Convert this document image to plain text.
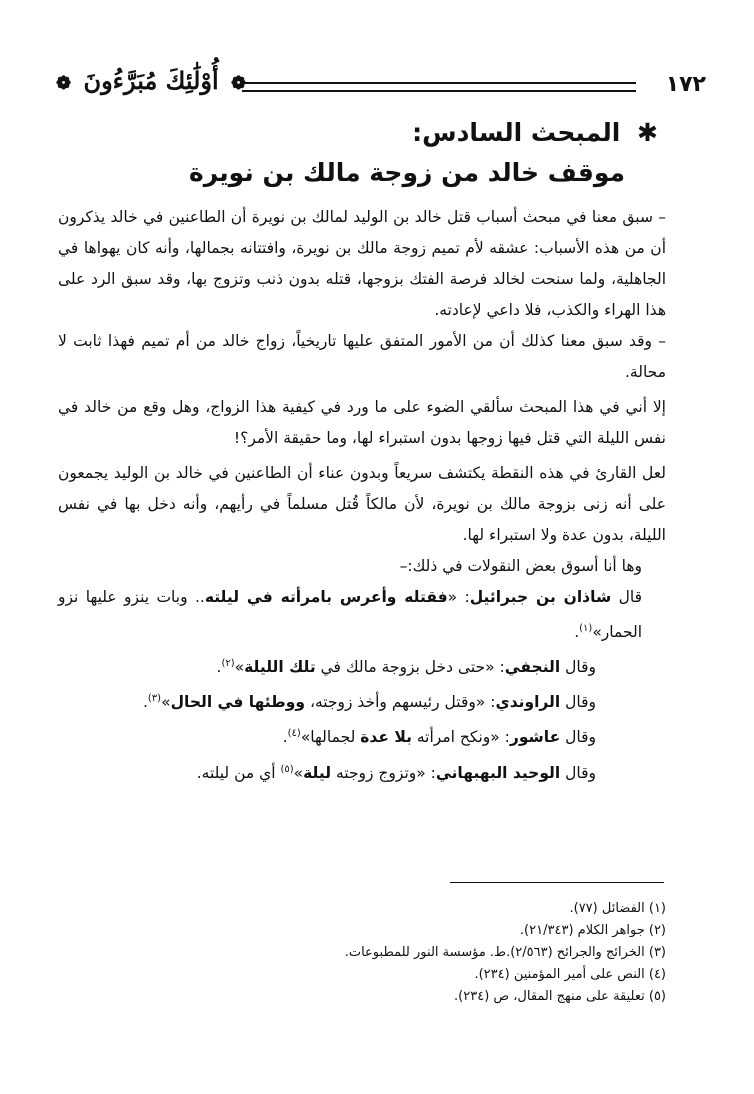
١٧٢
❁ أُوْلَٰئِكَ مُبَرَّءُونَ ❁
✱ المبحث السادس:
موقف خالد من زوجة مالك بن نويرة

– سبق معنا في مبحث أسباب قتل خالد بن الوليد لمالك بن نويرة أن الطاعنين في خالد يذكرون أن من هذه الأسباب: عشقه لأم تميم زوجة مالك بن نويرة، وافتتانه بجمالها، وأنه كان يهواها في الجاهلية، ولما سنحت لخالد فرصة الفتك بزوجها، قتله بدون ذنب وتزوج بها، وقد سبق الرد على هذا الهراء والكذب، فلا داعي لإعادته.

– وقد سبق معنا كذلك أن من الأمور المتفق عليها تاريخياً، زواج خالد من أم تميم فهذا ثابت لا محالة.

إلا أني في هذا المبحث سألقي الضوء على ما ورد في كيفية هذا الزواج، وهل وقع من خالد في نفس الليلة التي قتل فيها زوجها بدون استبراء لها، وما حقيقة الأمر؟!

لعل القارئ في هذه النقطة يكتشف سريعاً وبدون عناء أن الطاعنين في خالد بن الوليد يجمعون على أنه زنى بزوجة مالك بن نويرة، لأن مالكاً قُتل مسلماً في رأيهم، وأنه دخل بها في نفس الليلة، بدون عدة ولا استبراء لها.

وها أنا أسوق بعض النقولات في ذلك:–

قال شاذان بن جبرائيل: «فقتله وأعرس بامرأته في ليلته.. وبات ينزو عليها نزو الحمار»$^{(١)}$.

وقال النجفي: «حتى دخل بزوجة مالك في تلك الليلة»$^{(٢)}$.

وقال الراوندي: «وقتل رئيسهم وأخذ زوجته، ووطئها في الحال»$^{(٣)}$.

وقال عاشور: «ونكح امرأته بلا عدة لجمالها»$^{(٤)}$.

وقال الوحيد البهبهاني: «وتزوج زوجته ليلة»$^{(٥)}$ أي من ليلته.

(١) الفضائل (٧٧).
(٢) جواهر الكلام (٢١/٣٤٣).
(٣) الخرائج والجرائح (٢/٥٦٣).ط. مؤسسة النور للمطبوعات.
(٤) النص على أمير المؤمنين (٢٣٤).
(٥) تعليقة على منهج المقال، ص (٢٣٤).
